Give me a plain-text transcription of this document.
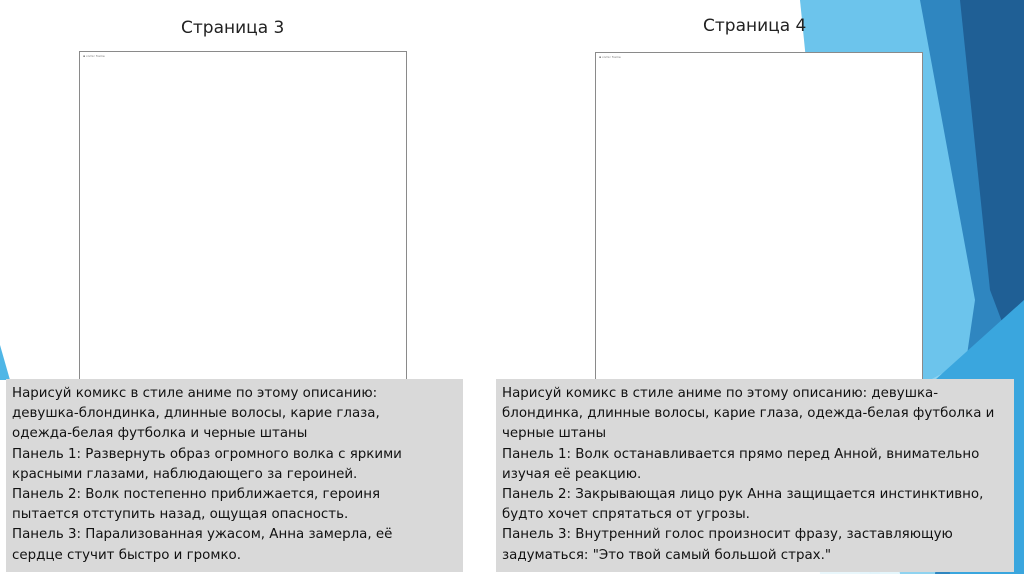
Страница 3	Страница 4
▪ comic frame	▪ comic frame
Нарисуй комикс в стиле аниме по этому описанию:
девушка-блондинка, длинные волосы, карие глаза,
одежда-белая футболка и черные штаны
Панель 1: Развернуть образ огромного волка с яркими
красными глазами, наблюдающего за героиней.
Панель 2: Волк постепенно приближается, героиня
пытается отступить назад, ощущая опасность.
Панель 3: Парализованная ужасом, Анна замерла, её
сердце стучит быстро и громко.
Нарисуй комикс в стиле аниме по этому описанию: девушка-
блондинка, длинные волосы, карие глаза, одежда-белая футболка и
черные штаны
Панель 1: Волк останавливается прямо перед Анной, внимательно
изучая её реакцию.
Панель 2: Закрывающая лицо рук Анна защищается инстинктивно,
будто хочет спрятаться от угрозы.
Панель 3: Внутренний голос произносит фразу, заставляющую
задуматься: "Это твой самый большой страх."
